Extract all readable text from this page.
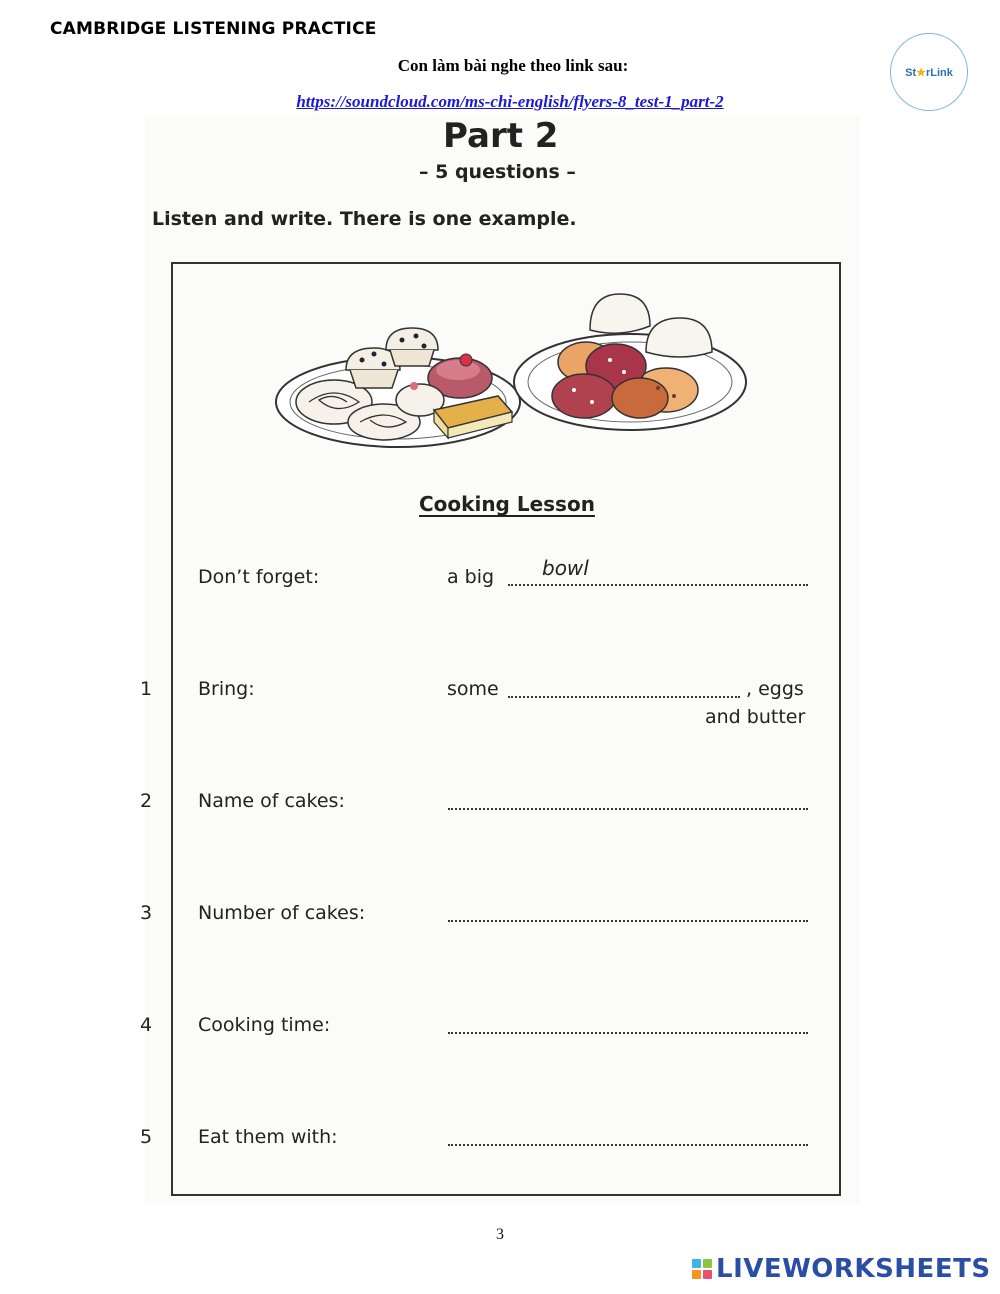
CAMBRIDGE LISTENING PRACTICE
Con làm bài nghe theo link sau:
https://soundcloud.com/ms-chi-english/flyers-8_test-1_part-2
St★rLink
Part 2
– 5 questions –
Listen and write. There is one example.
Cooking Lesson
Don’t forget:	a big bowl
1 Bring:	some	, eggs
and butter
2 Name of cakes:
3 Number of cakes:
4 Cooking time:
5 Eat them with:
3
LIVEWORKSHEETS
